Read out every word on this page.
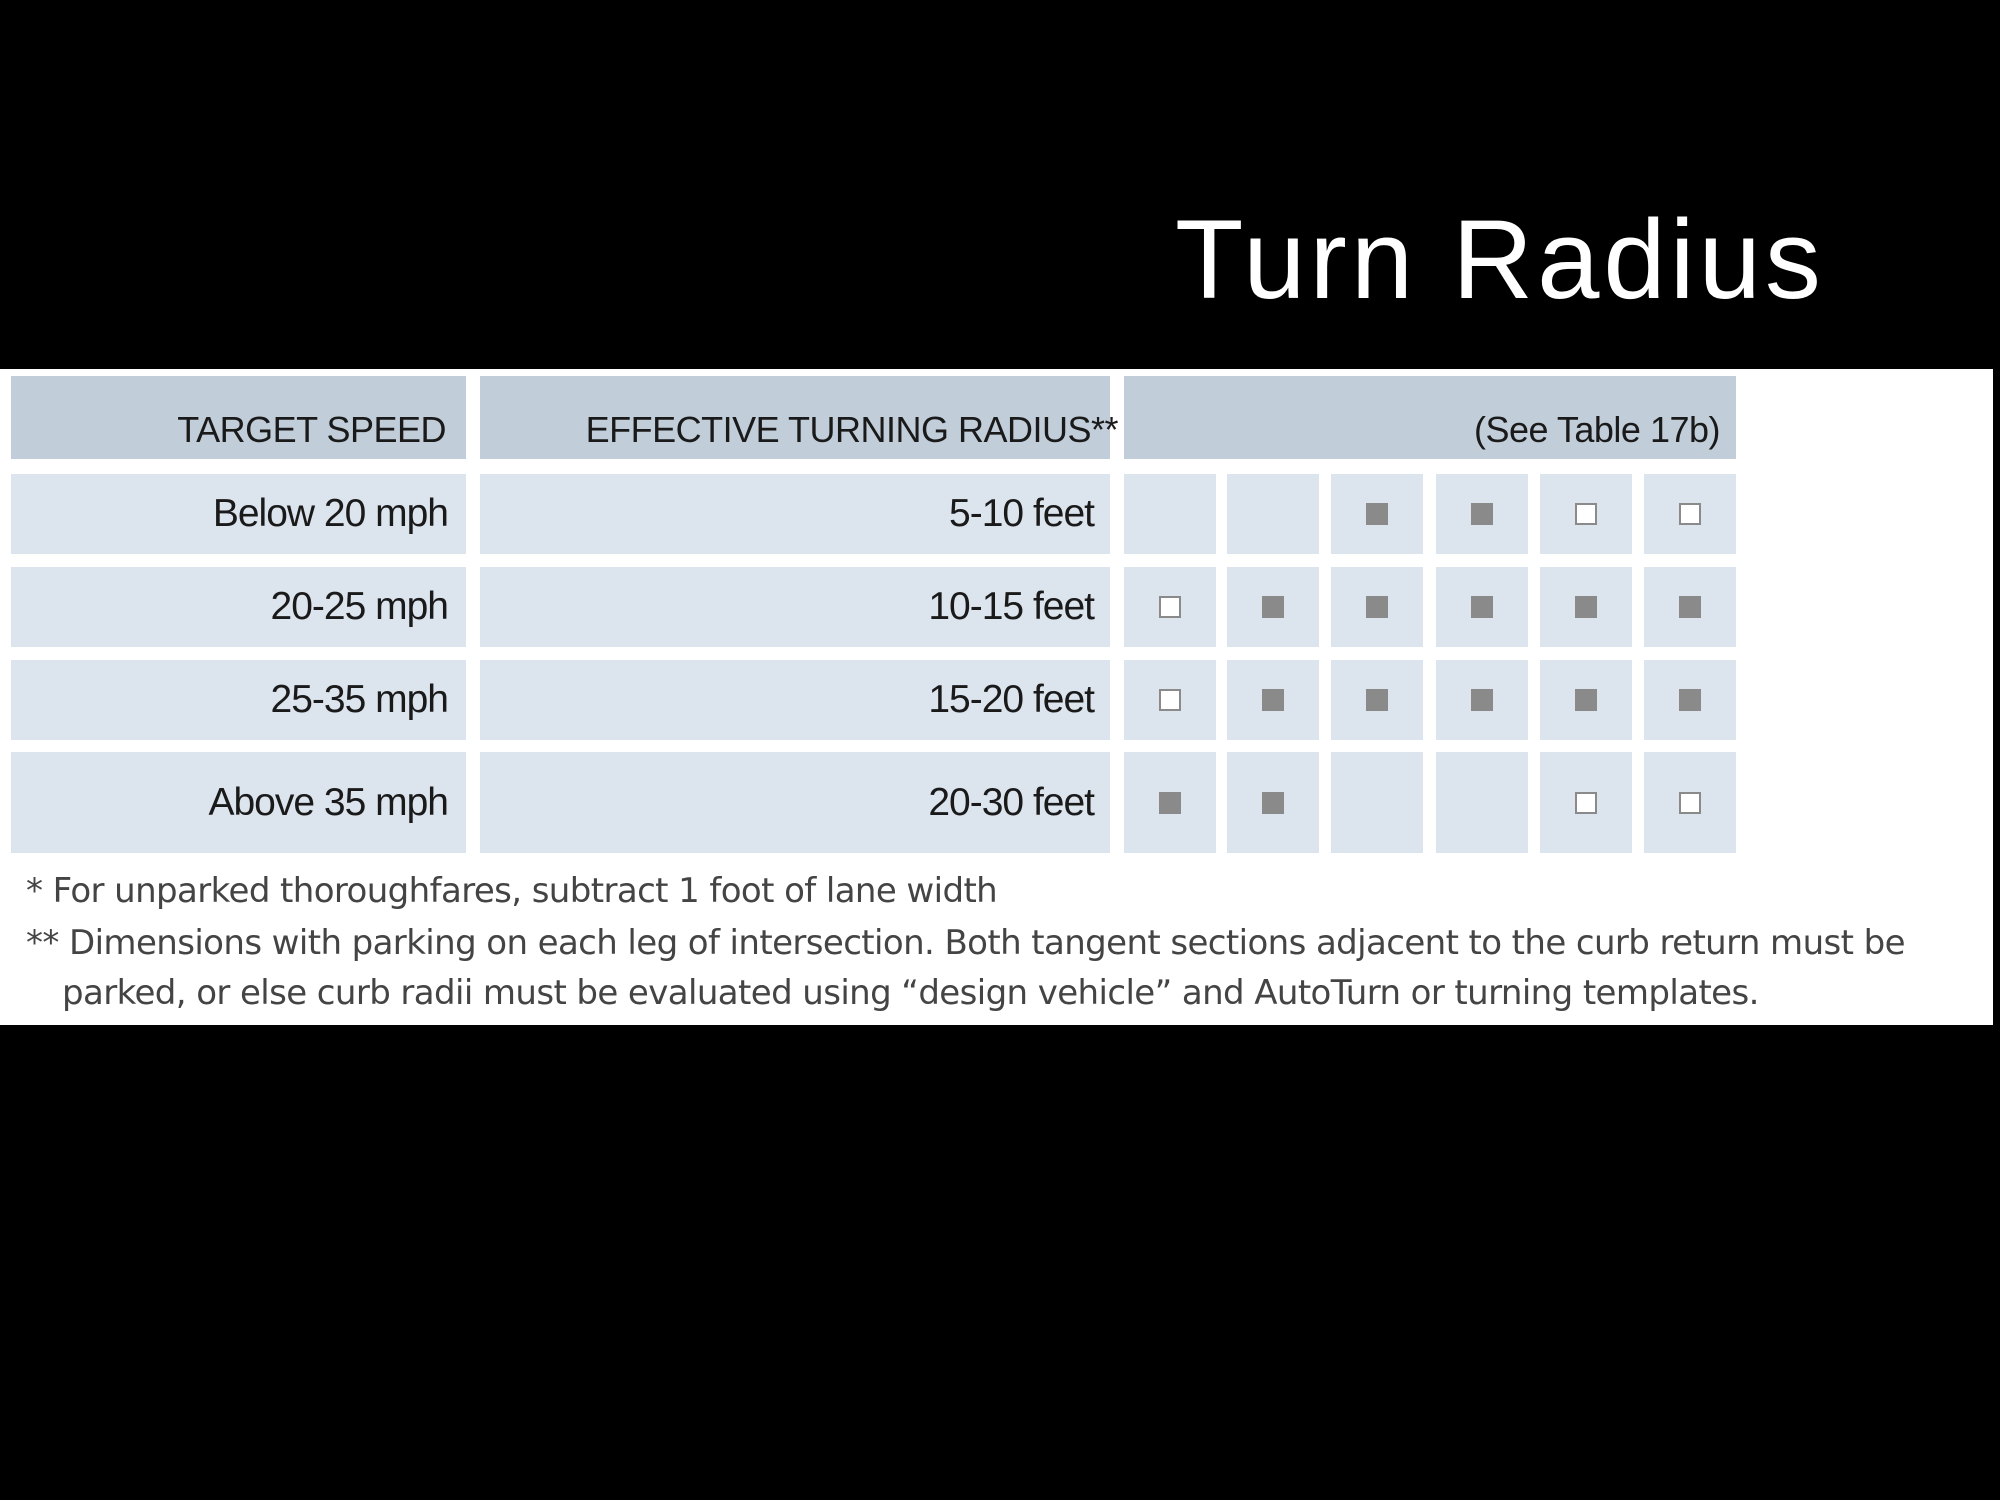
Turn Radius
TARGET SPEED	EFFECTIVE TURNING RADIUS**	(See Table 17b)
Below 20 mph	5-10 feet
20-25 mph	10-15 feet
25-35 mph	15-20 feet
Above 35 mph	20-30 feet
* For unparked thoroughfares, subtract 1 foot of lane width
** Dimensions with parking on each leg of intersection. Both tangent sections adjacent to the curb return must be
parked, or else curb radii must be evaluated using “design vehicle” and AutoTurn or turning templates.
